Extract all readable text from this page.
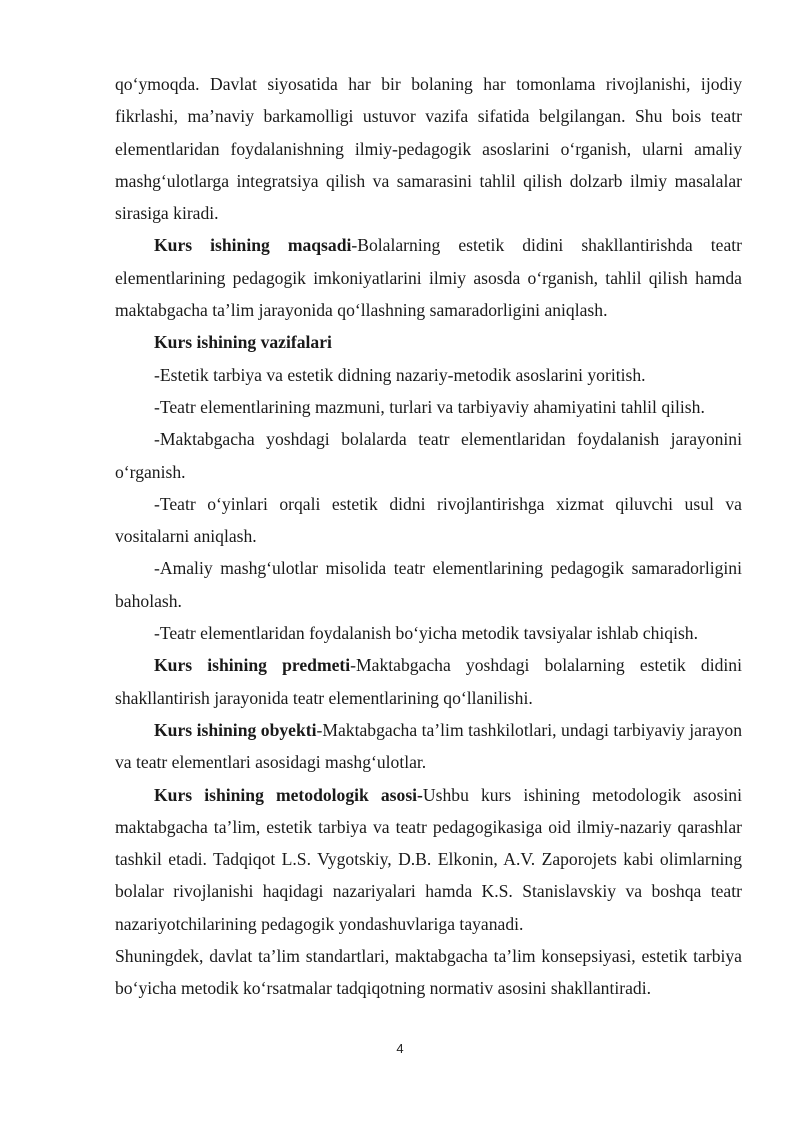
qo‘ymoqda. Davlat siyosatida har bir bolaning har tomonlama rivojlanishi, ijodiy fikrlashi, ma’naviy barkamolligi ustuvor vazifa sifatida belgilangan. Shu bois teatr elementlaridan foydalanishning ilmiy-pedagogik asoslarini o‘rganish, ularni amaliy mashg‘ulotlarga integratsiya qilish va samarasini tahlil qilish dolzarb ilmiy masalalar sirasiga kiradi.

Kurs ishining maqsadi-Bolalarning estetik didini shakllantirishda teatr elementlarining pedagogik imkoniyatlarini ilmiy asosda o‘rganish, tahlil qilish hamda maktabgacha ta’lim jarayonida qo‘llashning samaradorligini aniqlash.

Kurs ishining vazifalari

-Estetik tarbiya va estetik didning nazariy-metodik asoslarini yoritish.

-Teatr elementlarining mazmuni, turlari va tarbiyaviy ahamiyatini tahlil qilish.

-Maktabgacha yoshdagi bolalarda teatr elementlaridan foydalanish jarayonini o‘rganish.

-Teatr o‘yinlari orqali estetik didni rivojlantirishga xizmat qiluvchi usul va vositalarni aniqlash.

-Amaliy mashg‘ulotlar misolida teatr elementlarining pedagogik samaradorligini baholash.

-Teatr elementlaridan foydalanish bo‘yicha metodik tavsiyalar ishlab chiqish.

Kurs ishining predmeti-Maktabgacha yoshdagi bolalarning estetik didini shakllantirish jarayonida teatr elementlarining qo‘llanilishi.

Kurs ishining obyekti-Maktabgacha ta’lim tashkilotlari, undagi tarbiyaviy jarayon va teatr elementlari asosidagi mashg‘ulotlar.

Kurs ishining metodologik asosi-Ushbu kurs ishining metodologik asosini maktabgacha ta’lim, estetik tarbiya va teatr pedagogikasiga oid ilmiy-nazariy qarashlar tashkil etadi. Tadqiqot L.S. Vygotskiy, D.B. Elkonin, A.V. Zaporojets kabi olimlarning bolalar rivojlanishi haqidagi nazariyalari hamda K.S. Stanislavskiy va boshqa teatr nazariyotchilarining pedagogik yondashuvlariga tayanadi.

Shuningdek, davlat ta’lim standartlari, maktabgacha ta’lim konsepsiyasi, estetik tarbiya bo‘yicha metodik ko‘rsatmalar tadqiqotning normativ asosini shakllantiradi.

4
